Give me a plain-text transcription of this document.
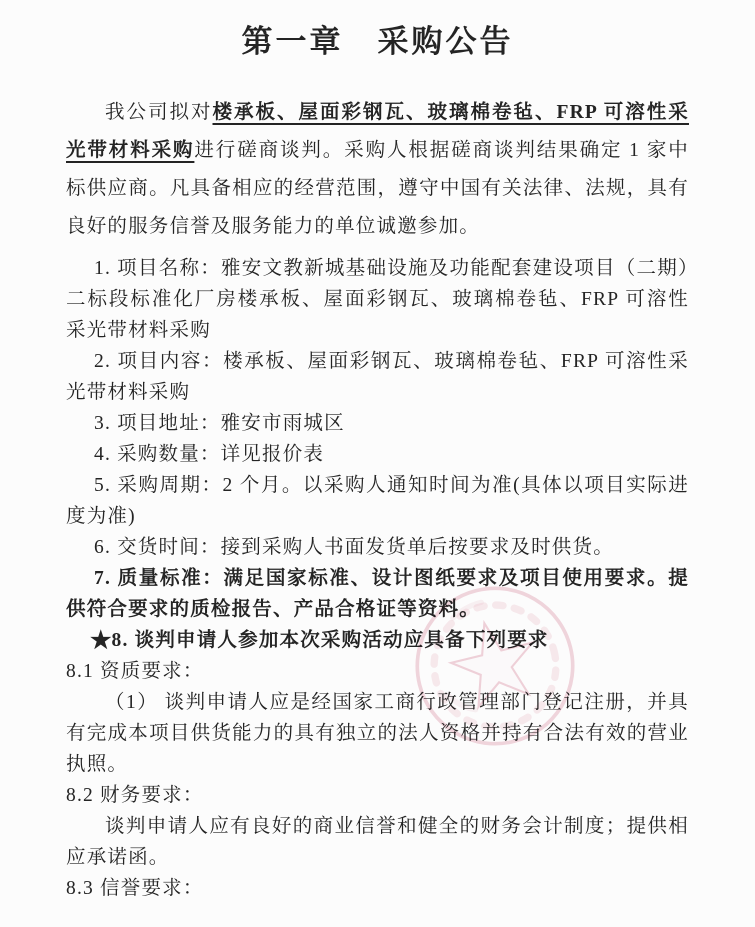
第一章　采购公告

我公司拟对楼承板、屋面彩钢瓦、玻璃棉卷毡、FRP 可溶性采光带材料采购进行磋商谈判。采购人根据磋商谈判结果确定 1 家中标供应商。凡具备相应的经营范围，遵守中国有关法律、法规，具有良好的服务信誉及服务能力的单位诚邀参加。

1. 项目名称：雅安文教新城基础设施及功能配套建设项目（二期）二标段标准化厂房楼承板、屋面彩钢瓦、玻璃棉卷毡、FRP 可溶性采光带材料采购

2. 项目内容：楼承板、屋面彩钢瓦、玻璃棉卷毡、FRP 可溶性采光带材料采购

3. 项目地址：雅安市雨城区

4. 采购数量：详见报价表

5. 采购周期：2 个月。以采购人通知时间为准(具体以项目实际进度为准)

6. 交货时间：接到采购人书面发货单后按要求及时供货。

7. 质量标准：满足国家标准、设计图纸要求及项目使用要求。提供符合要求的质检报告、产品合格证等资料。

★8. 谈判申请人参加本次采购活动应具备下列要求

8.1 资质要求：

（1） 谈判申请人应是经国家工商行政管理部门登记注册，并具有完成本项目供货能力的具有独立的法人资格并持有合法有效的营业执照。

8.2 财务要求：

谈判申请人应有良好的商业信誉和健全的财务会计制度；提供相应承诺函。

8.3 信誉要求：
